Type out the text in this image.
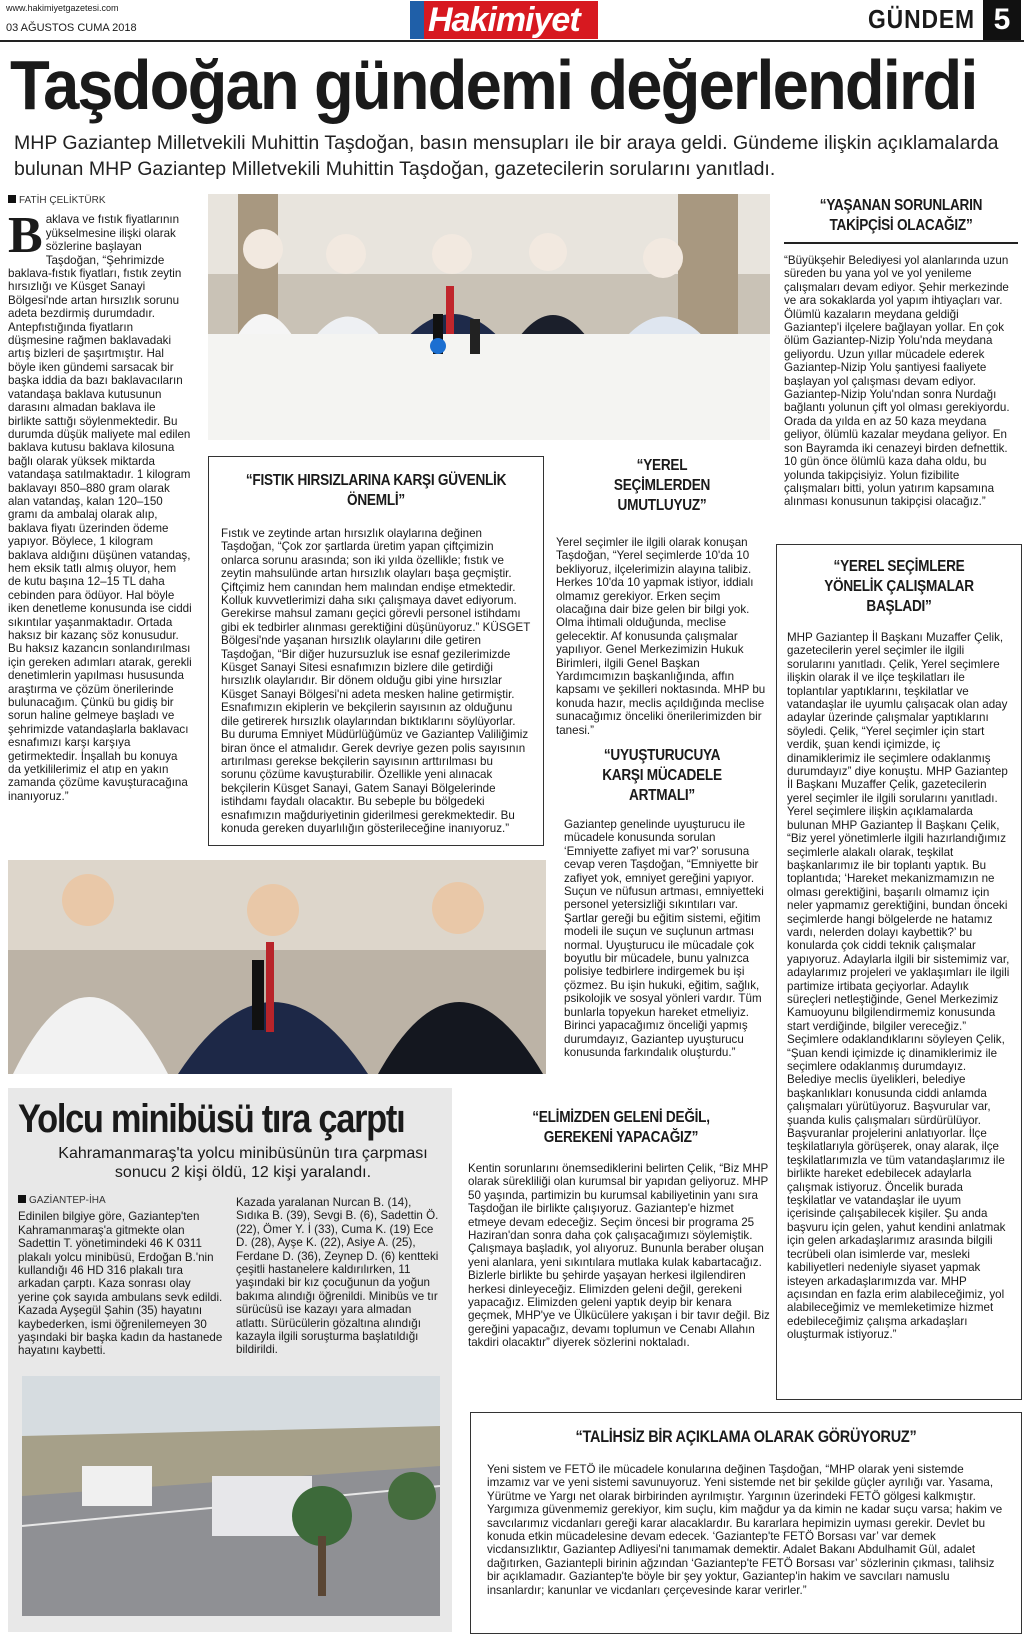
www.hakimiyetgazetesi.com
03 AĞUSTOS CUMA 2018	Hakimiyet	GÜNDEM 5
Taşdoğan gündemi değerlendirdi
MHP Gaziantep Milletvekili Muhittin Taşdoğan, basın mensupları ile bir araya geldi. Gündeme ilişkin açıklamalarda bulunan MHP Gaziantep Milletvekili Muhittin Taşdoğan, gazetecilerin sorularını yanıtladı.
FATİH ÇELİKTÜRK
B aklava ve fıstık fiyatlarının yükselmesine ilişki olarak sözlerine başlayan Taşdoğan, “Şehrimizde baklava-fıstık fiyatları, fıstık zeytin hırsızlığı ve Küsget Sanayi Bölgesi'nde artan hırsızlık sorunu adeta bezdirmiş durumdadır. Antepfıstığında fiyatların düşmesine rağmen baklavadaki artış bizleri de şaşırtmıştır. Hal böyle iken gündemi sarsacak bir başka iddia da bazı baklavacıların vatandaşa baklava kutusunun darasını almadan baklava ile birlikte sattığı söylenmektedir. Bu durumda düşük maliyete mal edilen baklava kutusu baklava kilosuna bağlı olarak yüksek miktarda vatandaşa satılmaktadır. 1 kilogram baklavayı 850–880 gram olarak alan vatandaş, kalan 120–150 gramı da ambalaj olarak alıp, baklava fiyatı üzerinden ödeme yapıyor. Böylece, 1 kilogram baklava aldığını düşünen vatandaş, hem eksik tatlı almış oluyor, hem de kutu başına 12–15 TL daha cebinden para ödüyor. Hal böyle iken denetleme konusunda ise ciddi sıkıntılar yaşanmaktadır. Ortada haksız bir kazanç söz konusudur. Bu haksız kazancın sonlandırılması için gereken adımları atarak, gerekli denetimlerin yapılması hususunda araştırma ve çözüm önerilerinde bulunacağım. Çünkü bu gidiş bir sorun haline gelmeye başladı ve şehrimizde vatandaşlarla baklavacı esnafımızı karşı karşıya getirmektedir. İnşallah bu konuya da yetkililerimiz el atıp en yakın zamanda çözüme kavuşturacağına inanıyoruz.”
“FISTIK HIRSIZLARINA KARŞI GÜVENLİK ÖNEMLİ”
Fıstık ve zeytinde artan hırsızlık olaylarına değinen Taşdoğan, “Çok zor şartlarda üretim yapan çiftçimizin onlarca sorunu arasında; son iki yılda özellikle; fıstık ve zeytin mahsulünde artan hırsızlık olayları başa geçmiştir. Çiftçimiz hem canından hem malından endişe etmektedir. Kolluk kuvvetlerimizi daha sıkı çalışmaya davet ediyorum. Gerekirse mahsul zamanı geçici görevli personel istihdamı gibi ek tedbirler alınması gerektiğini düşünüyoruz.” KÜSGET Bölgesi'nde yaşanan hırsızlık olaylarını dile getiren Taşdoğan, “Bir diğer huzursuzluk ise esnaf gezilerimizde Küsget Sanayi Sitesi esnafımızın bizlere dile getirdiği hırsızlık olaylarıdır. Bir dönem olduğu gibi yine hırsızlar Küsget Sanayi Bölgesi'ni adeta mesken haline getirmiştir. Esnafımızın ekiplerin ve bekçilerin sayısının az olduğunu dile getirerek hırsızlık olaylarından bıktıklarını söylüyorlar. Bu duruma Emniyet Müdürlüğümüz ve Gaziantep Valiliğimiz biran önce el atmalıdır. Gerek devriye gezen polis sayısının artırılması gerekse bekçilerin sayısının arttırılması bu sorunu çözüme kavuşturabilir. Özellikle yeni alınacak bekçilerin Küsget Sanayi, Gatem Sanayi Bölgelerinde istihdamı faydalı olacaktır. Bu sebeple bu bölgedeki esnafımızın mağduriyetinin giderilmesi gerekmektedir. Bu konuda gereken duyarlılığın gösterileceğine inanıyoruz.”
“YEREL SEÇİMLERDEN UMUTLUYUZ”
Yerel seçimler ile ilgili olarak konuşan Taşdoğan, “Yerel seçimlerde 10'da 10 bekliyoruz, ilçelerimizin alayına talibiz. Herkes 10'da 10 yapmak istiyor, iddialı olmamız gerekiyor. Erken seçim olacağına dair bize gelen bir bilgi yok. Olma ihtimali olduğunda, meclise gelecektir. Af konusunda çalışmalar yapılıyor. Genel Merkezimizin Hukuk Birimleri, ilgili Genel Başkan Yardımcımızın başkanlığında, affın kapsamı ve şekilleri noktasında. MHP bu konuda hazır, meclis açıldığında meclise sunacağımız önceliki önerilerimizden bir tanesi.”
“UYUŞTURUCUYA KARŞI MÜCADELE ARTMALI”
Gaziantep genelinde uyuşturucu ile mücadele konusunda sorulan ‘Emniyette zafiyet mi var?’ sorusuna cevap veren Taşdoğan, “Emniyette bir zafiyet yok, emniyet gereğini yapıyor. Suçun ve nüfusun artması, emniyetteki personel yetersizliği sıkıntıları var. Şartlar gereği bu eğitim sistemi, eğitim modeli ile suçun ve suçlunun artması normal. Uyuşturucu ile mücadale çok boyutlu bir mücadele, bunu yalnızca polisiye tedbirlere indirgemek bu işi çözmez. Bu işin hukuki, eğitim, sağlık, psikolojik ve sosyal yönleri vardır. Tüm bunlarla topyekun hareket etmeliyiz. Birinci yapacağımız önceliği yapmış durumdayız, Gaziantep uyuşturucu konusunda farkındalık oluşturdu.”
Yolcu minibüsü tıra çarptı
Kahramanmaraş'ta yolcu minibüsünün tıra çarpması sonucu 2 kişi öldü, 12 kişi yaralandı.
GAZİANTEP-İHA
Edinilen bilgiye göre, Gaziantep'ten Kahramanmaraş'a gitmekte olan Sadettin T. yönetimindeki 46 K 0311 plakalı yolcu minibüsü, Erdoğan B.'nin kullandığı 46 HD 316 plakalı tıra arkadan çarptı. Kaza sonrası olay yerine çok sayıda ambulans sevk edildi. Kazada Ayşegül Şahin (35) hayatını kaybederken, ismi öğrenilemeyen 30 yaşındaki bir başka kadın da hastanede hayatını kaybetti.
Kazada yaralanan Nurcan B. (14), Sıdıka B. (39), Sevgi B. (6), Sadettin Ö. (22), Ömer Y. İ (33), Cuma K. (19) Ece D. (28), Ayşe K. (22), Asiye A. (25), Ferdane D. (36), Zeynep D. (6) kentteki çeşitli hastanelere kaldırılırken, 11 yaşındaki bir kız çocuğunun da yoğun bakıma alındığı öğrenildi. Minibüs ve tır sürücüsü ise kazayı yara almadan atlattı. Sürücülerin gözaltına alındığı kazayla ilgili soruşturma başlatıldığı bildirildi.
“ELİMİZDEN GELENİ DEĞİL, GEREKENİ YAPACAĞIZ”
Kentin sorunlarını önemsediklerini belirten Çelik, “Biz MHP olarak sürekliliği olan kurumsal bir yapıdan geliyoruz. MHP 50 yaşında, partimizin bu kurumsal kabiliyetinin yanı sıra Taşdoğan ile birlikte çalışıyoruz. Gaziantep'e hizmet etmeye devam edeceğiz. Seçim öncesi bir programa 25 Haziran'dan sonra daha çok çalışacağımızı söylemiştik. Çalışmaya başladık, yol alıyoruz. Bununla beraber oluşan yeni alanlara, yeni sıkıntılara mutlaka kulak kabartacağız. Bizlerle birlikte bu şehirde yaşayan herkesi ilgilendiren herkesi dinleyeceğiz. Elimizden geleni değil, gerekeni yapacağız. Elimizden geleni yaptık deyip bir kenara geçmek, MHP'ye ve Ülkücülere yakışan i bir tavır değil. Biz gereğini yapacağız, devamı toplumun ve Cenabı Allahın takdiri olacaktır” diyerek sözlerini noktaladı.
“YAŞANAN SORUNLARIN TAKİPÇİSİ OLACAĞIZ”
“Büyükşehir Belediyesi yol alanlarında uzun süreden bu yana yol ve yol yenileme çalışmaları devam ediyor. Şehir merkezinde ve ara sokaklarda yol yapım ihtiyaçları var. Ölümlü kazaların meydana geldiği Gaziantep'i ilçelere bağlayan yollar. En çok ölüm Gaziantep-Nizip Yolu'nda meydana geliyordu. Uzun yıllar mücadele ederek Gaziantep-Nizip Yolu şantiyesi faaliyete başlayan yol çalışması devam ediyor. Gaziantep-Nizip Yolu'ndan sonra Nurdağı bağlantı yolunun çift yol olması gerekiyordu. Orada da yılda en az 50 kaza meydana geliyor, ölümlü kazalar meydana geliyor. En son Bayramda iki cenazeyi birden defnettik. 10 gün önce ölümlü kaza daha oldu, bu yolunda takipçisiyiz. Yolun fizibilite çalışmaları bitti, yolun yatırım kapsamına alınması konusunun takipçisi olacağız.”
“YEREL SEÇİMLERE YÖNELİK ÇALIŞMALAR BAŞLADI”
MHP Gaziantep İl Başkanı Muzaffer Çelik, gazetecilerin yerel seçimler ile ilgili sorularını yanıtladı. Çelik, Yerel seçimlere ilişkin olarak il ve ilçe teşkilatları ile toplantılar yaptıklarını, teşkilatlar ve vatandaşlar ile uyumlu çalışacak olan aday adaylar üzerinde çalışmalar yaptıklarını söyledi. Çelik, “Yerel seçimler için start verdik, şuan kendi içimizde, iç dinamiklerimiz ile seçimlere odaklanmış durumdayız” diye konuştu. MHP Gaziantep İl Başkanı Muzaffer Çelik, gazetecilerin yerel seçimler ile ilgili sorularını yanıtladı. Yerel seçimlere ilişkin açıklamalarda bulunan MHP Gaziantep İl Başkanı Çelik, “Biz yerel yönetimlerle ilgili hazırlandığımız seçimlerle alakalı olarak, teşkilat başkanlarımız ile bir toplantı yaptık. Bu toplantıda; ‘Hareket mekanizmamızın ne olması gerektiğini, başarılı olmamız için neler yapmamız gerektiğini, bundan önceki seçimlerde hangi bölgelerde ne hatamız vardı, nelerden dolayı kaybettik?’ bu konularda çok ciddi teknik çalışmalar yapıyoruz. Adaylarla ilgili bir sistemimiz var, adaylarımız projeleri ve yaklaşımları ile ilgili partimize irtibata geçiyorlar. Adaylık süreçleri netleştiğinde, Genel Merkezimiz Kamuoyunu bilgilendirmemiz konusunda start verdiğinde, bilgiler vereceğiz.” Seçimlere odaklandıklarını söyleyen Çelik, “Şuan kendi içimizde iç dinamiklerimiz ile seçimlere odaklanmış durumdayız. Belediye meclis üyelikleri, belediye başkanlıkları konusunda ciddi anlamda çalışmaları yürütüyoruz. Başvurular var, şuanda kulis çalışmaları sürdürülüyor. Başvuranlar projelerini anlatıyorlar. İlçe teşkilatlarıyla görüşerek, onay alarak, ilçe teşkilatlarımızla ve tüm vatandaşlarımız ile birlikte hareket edebilecek adaylarla çalışmak istiyoruz. Öncelik burada teşkilatlar ve vatandaşlar ile uyum içerisinde çalışabilecek kişiler. Şu anda başvuru için gelen, yahut kendini anlatmak için gelen arkadaşlarımız arasında bilgili tecrübeli olan isimlerde var, mesleki kabiliyetleri nedeniyle siyaset yapmak isteyen arkadaşlarımızda var. MHP açısından en fazla erim alabileceğimiz, yol alabileceğimiz ve memleketimize hizmet edebileceğimiz çalışma arkadaşları oluşturmak istiyoruz.”
“TALİHSİZ BİR AÇIKLAMA OLARAK GÖRÜYORUZ”
Yeni sistem ve FETÖ ile mücadele konularına değinen Taşdoğan, “MHP olarak yeni sistemde imzamız var ve yeni sistemi savunuyoruz. Yeni sistemde net bir şekilde güçler ayrılığı var. Yasama, Yürütme ve Yargı net olarak birbirinden ayrılmıştır. Yargının üzerindeki FETÖ gölgesi kalkmıştır. Yargımıza güvenmemiz gerekiyor, kim suçlu, kim mağdur ya da kimin ne kadar suçu varsa; hakim ve savcılarımız vicdanları gereği karar alacaklardır. Bu kararlara hepimizin uyması gerekir. Devlet bu konuda etkin mücadelesine devam edecek. ‘Gaziantep'te FETÖ Borsası var’ var demek vicdansızlıktır, Gaziantep Adliyesi'ni tanımamak demektir. Adalet Bakanı Abdulhamit Gül, adalet dağıtırken, Gaziantepli birinin ağzından ‘Gaziantep'te FETÖ Borsası var’ sözlerinin çıkması, talihsiz bir açıklamadır. Gaziantep'te böyle bir şey yoktur, Gaziantep'in hakim ve savcıları namuslu insanlardır; kanunlar ve vicdanları çerçevesinde karar verirler.”
